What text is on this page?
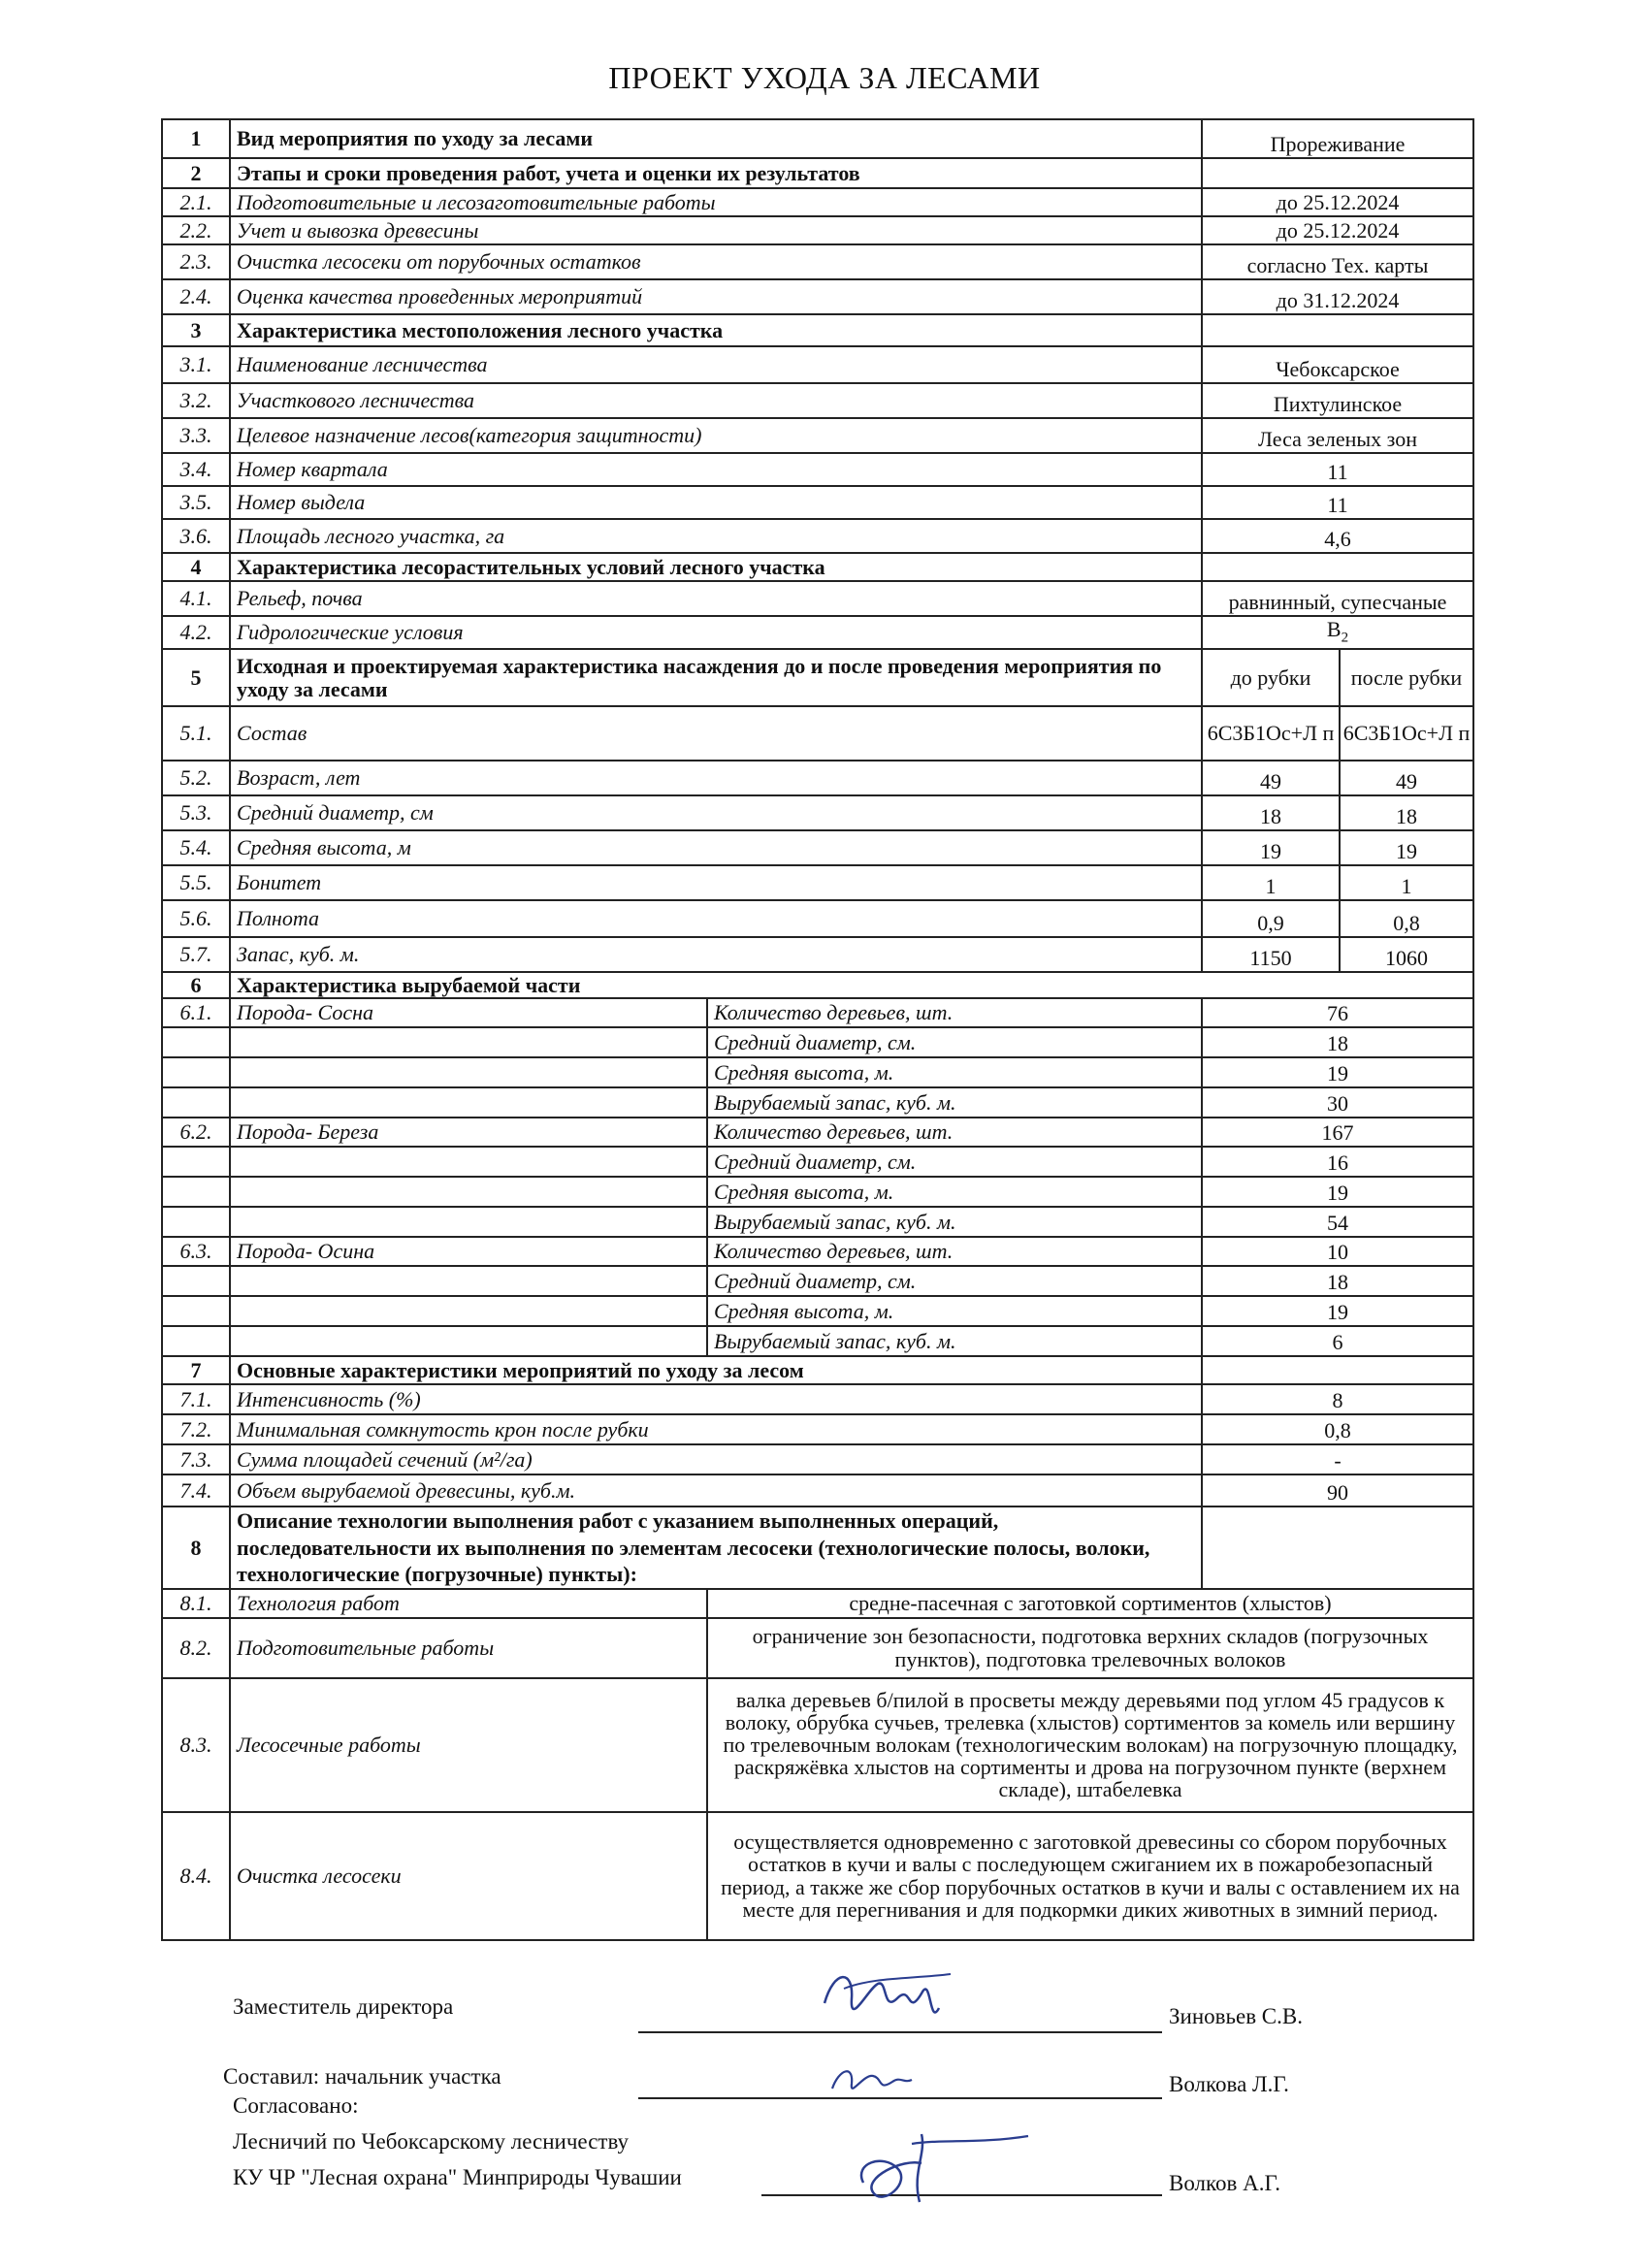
ПРОЕКТ УХОДА ЗА ЛЕСАМИ
1	Вид мероприятия по уходу за лесами		Прореживание	
2	Этапы и сроки проведения работ, учета и оценки их результатов			
2.1.	Подготовительные и лесозаготовительные работы		до 25.12.2024	
2.2.	Учет и вывозка древесины		до 25.12.2024	
2.3.	Очистка лесосеки от порубочных остатков		согласно Тех. карты	
2.4.	Оценка качества проведенных мероприятий		до 31.12.2024	
3	Характеристика местоположения лесного участка			
3.1.	Наименование лесничества		Чебоксарское	
3.2.	Участкового лесничества		Пихтулинское	
3.3.	Целевое назначение лесов(категория защитности)		Леса зеленых зон	
3.4.	Номер квартала		11	
3.5.	Номер выдела		11	
3.6.	Площадь лесного участка, га		4,6	
4	Характеристика лесорастительных условий лесного участка			
4.1.	Рельеф, почва		равнинный, супесчаные	
4.2.	Гидрологические условия		$В_2$
5	Исходная и проектируемая характеристика насаждения до и после проведения мероприятия по уходу за лесами		до рубки	после рубки
5.1.	Состав		6С3Б1Ос+Л п	6С3Б1Ос+Л п
5.2.	Возраст, лет		49	49
5.3.	Средний диаметр, см		18	18
5.4.	Средняя высота, м		19	19
5.5.	Бонитет		1	1
5.6.	Полнота		0,9	0,8
5.7.	Запас, куб. м.		1150	1060
6	Характеристика вырубаемой части			
6.1.	Порода- Сосна	Количество деревьев, шт.	76	
		Средний диаметр, см.	18	
		Средняя высота, м.	19	
		Вырубаемый запас, куб. м.	30	
6.2.	Порода- Береза	Количество деревьев, шт.	167	
		Средний диаметр, см.	16	
		Средняя высота, м.	19	
		Вырубаемый запас, куб. м.	54	
6.3.	Порода- Осина	Количество деревьев, шт.	10	
		Средний диаметр, см.	18	
		Средняя высота, м.	19	
		Вырубаемый запас, куб. м.	6	
7	Основные характеристики мероприятий по уходу за лесом			
7.1.	Интенсивность (%)		8	
7.2.	Минимальная сомкнутость крон после рубки		0,8	
7.3.	Сумма площадей сечений (м²/га)		-	
7.4.	Объем вырубаемой древесины, куб.м.		90	
8	Описание технологии выполнения работ с указанием выполненных операций, последовательности их выполнения по элементам лесосеки (технологические полосы, волоки, технологические (погрузочные) пункты):			
8.1.	Технология работ	средне-пасечная с заготовкой сортиментов (хлыстов)		
8.2.	Подготовительные работы	ограничение зон безопасности, подготовка верхних складов (погрузочных пунктов), подготовка трелевочных волоков		
8.3.	Лесосечные работы	валка деревьев б/пилой в просветы между деревьями под углом 45 градусов к волоку, обрубка сучьев, трелевка (хлыстов) сортиментов за комель или вершину по трелевочным волокам (технологическим волокам) на погрузочную площадку, раскряжёвка хлыстов на сортименты и дрова на погрузочном пункте (верхнем складе), штабелевка		
8.4.	Очистка лесосеки	осуществляется одновременно с заготовкой древесины со сбором порубочных остатков в кучи и валы с последующем сжиганием их в пожаробезопасный период, а также же сбор порубочных остатков в кучи и валы с оставлением их на месте для перегнивания и для подкормки диких животных в зимний период.		
Заместитель директора	Зиновьев С.В.
Составил: начальник участка	Волкова Л.Г.
Согласовано:
Лесничий по Чебоксарскому лесничеству
КУ ЧР "Лесная охрана" Минприроды Чувашии	Волков А.Г.
